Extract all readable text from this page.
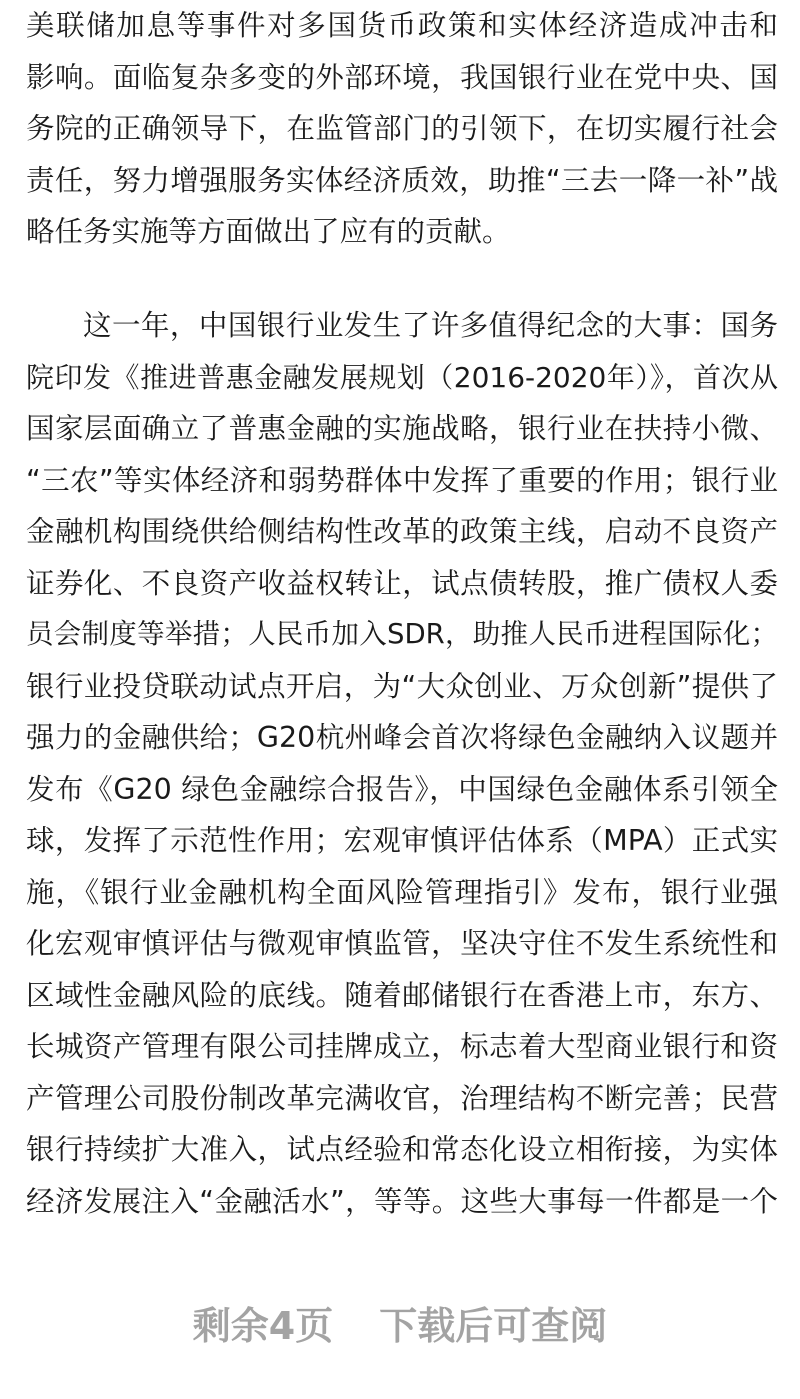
美联储加息等事件对多国货币政策和实体经济造成冲击和
影响。面临复杂多变的外部环境，我国银行业在党中央、国
务院的正确领导下，在监管部门的引领下，在切实履行社会
责任，努力增强服务实体经济质效，助推“三去一降一补”战
略任务实施等方面做出了应有的贡献。
这一年，中国银行业发生了许多值得纪念的大事：国务
院印发《推进普惠金融发展规划（2016-2020年）》，首次从
国家层面确立了普惠金融的实施战略，银行业在扶持小微、
“三农”等实体经济和弱势群体中发挥了重要的作用；银行业
金融机构围绕供给侧结构性改革的政策主线，启动不良资产
证券化、不良资产收益权转让，试点债转股，推广债权人委
员会制度等举措；人民币加入SDR，助推人民币进程国际化；
银行业投贷联动试点开启，为“大众创业、万众创新”提供了
强力的金融供给；G20杭州峰会首次将绿色金融纳入议题并
发布《G20 绿色金融综合报告》，中国绿色金融体系引领全
球，发挥了示范性作用；宏观审慎评估体系（MPA）正式实
施，《银行业金融机构全面风险管理指引》发布，银行业强
化宏观审慎评估与微观审慎监管，坚决守住不发生系统性和
区域性金融风险的底线。随着邮储银行在香港上市，东方、
长城资产管理有限公司挂牌成立，标志着大型商业银行和资
产管理公司股份制改革完满收官，治理结构不断完善；民营
银行持续扩大准入，试点经验和常态化设立相衔接，为实体
经济发展注入“金融活水”，等等。这些大事每一件都是一个
剩余4页 下载后可查阅
